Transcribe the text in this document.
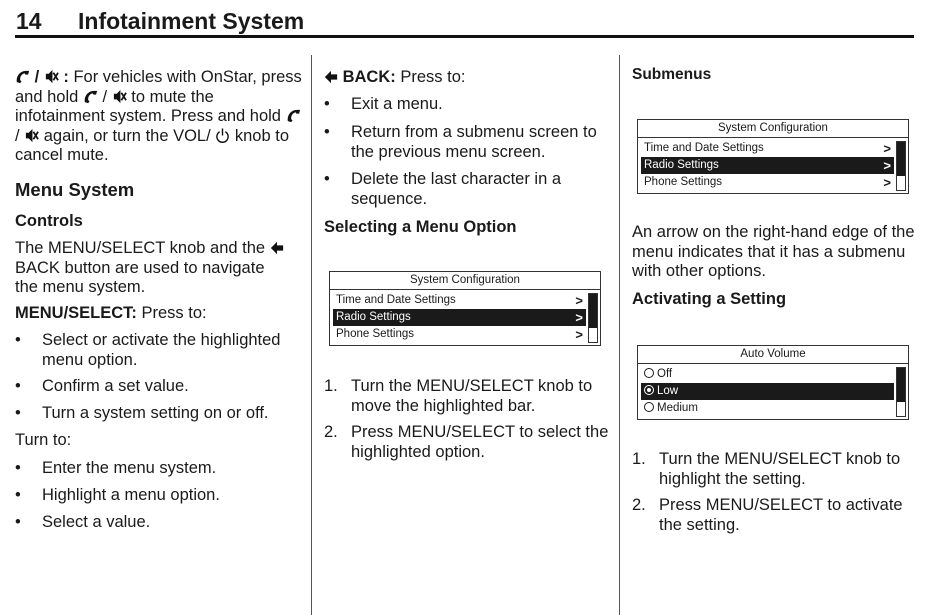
14 Infotainment System
/  : For vehicles with OnStar, press and hold  /  to mute the infotainment system. Press and hold  /  again, or turn the VOL/  knob to cancel mute.
Menu System
Controls
The MENU/SELECT knob and the  BACK button are used to navigate the menu system.
MENU/SELECT: Press to:
• Select or activate the highlighted menu option.
• Confirm a set value.
• Turn a system setting on or off.
Turn to:
• Enter the menu system.
• Highlight a menu option.
• Select a value.
BACK: Press to:
• Exit a menu.
• Return from a submenu screen to the previous menu screen.
• Delete the last character in a sequence.
Selecting a Menu Option
System Configuration
Time and Date Settings	>
Radio Settings	>
Phone Settings	>
1. Turn the MENU/SELECT knob to move the highlighted bar.
2. Press MENU/SELECT to select the highlighted option.
Submenus
System Configuration
Time and Date Settings	>
Radio Settings	>
Phone Settings	>
An arrow on the right-hand edge of the menu indicates that it has a submenu with other options.
Activating a Setting
Auto Volume
Off
Low
Medium
1. Turn the MENU/SELECT knob to highlight the setting.
2. Press MENU/SELECT to activate the setting.
